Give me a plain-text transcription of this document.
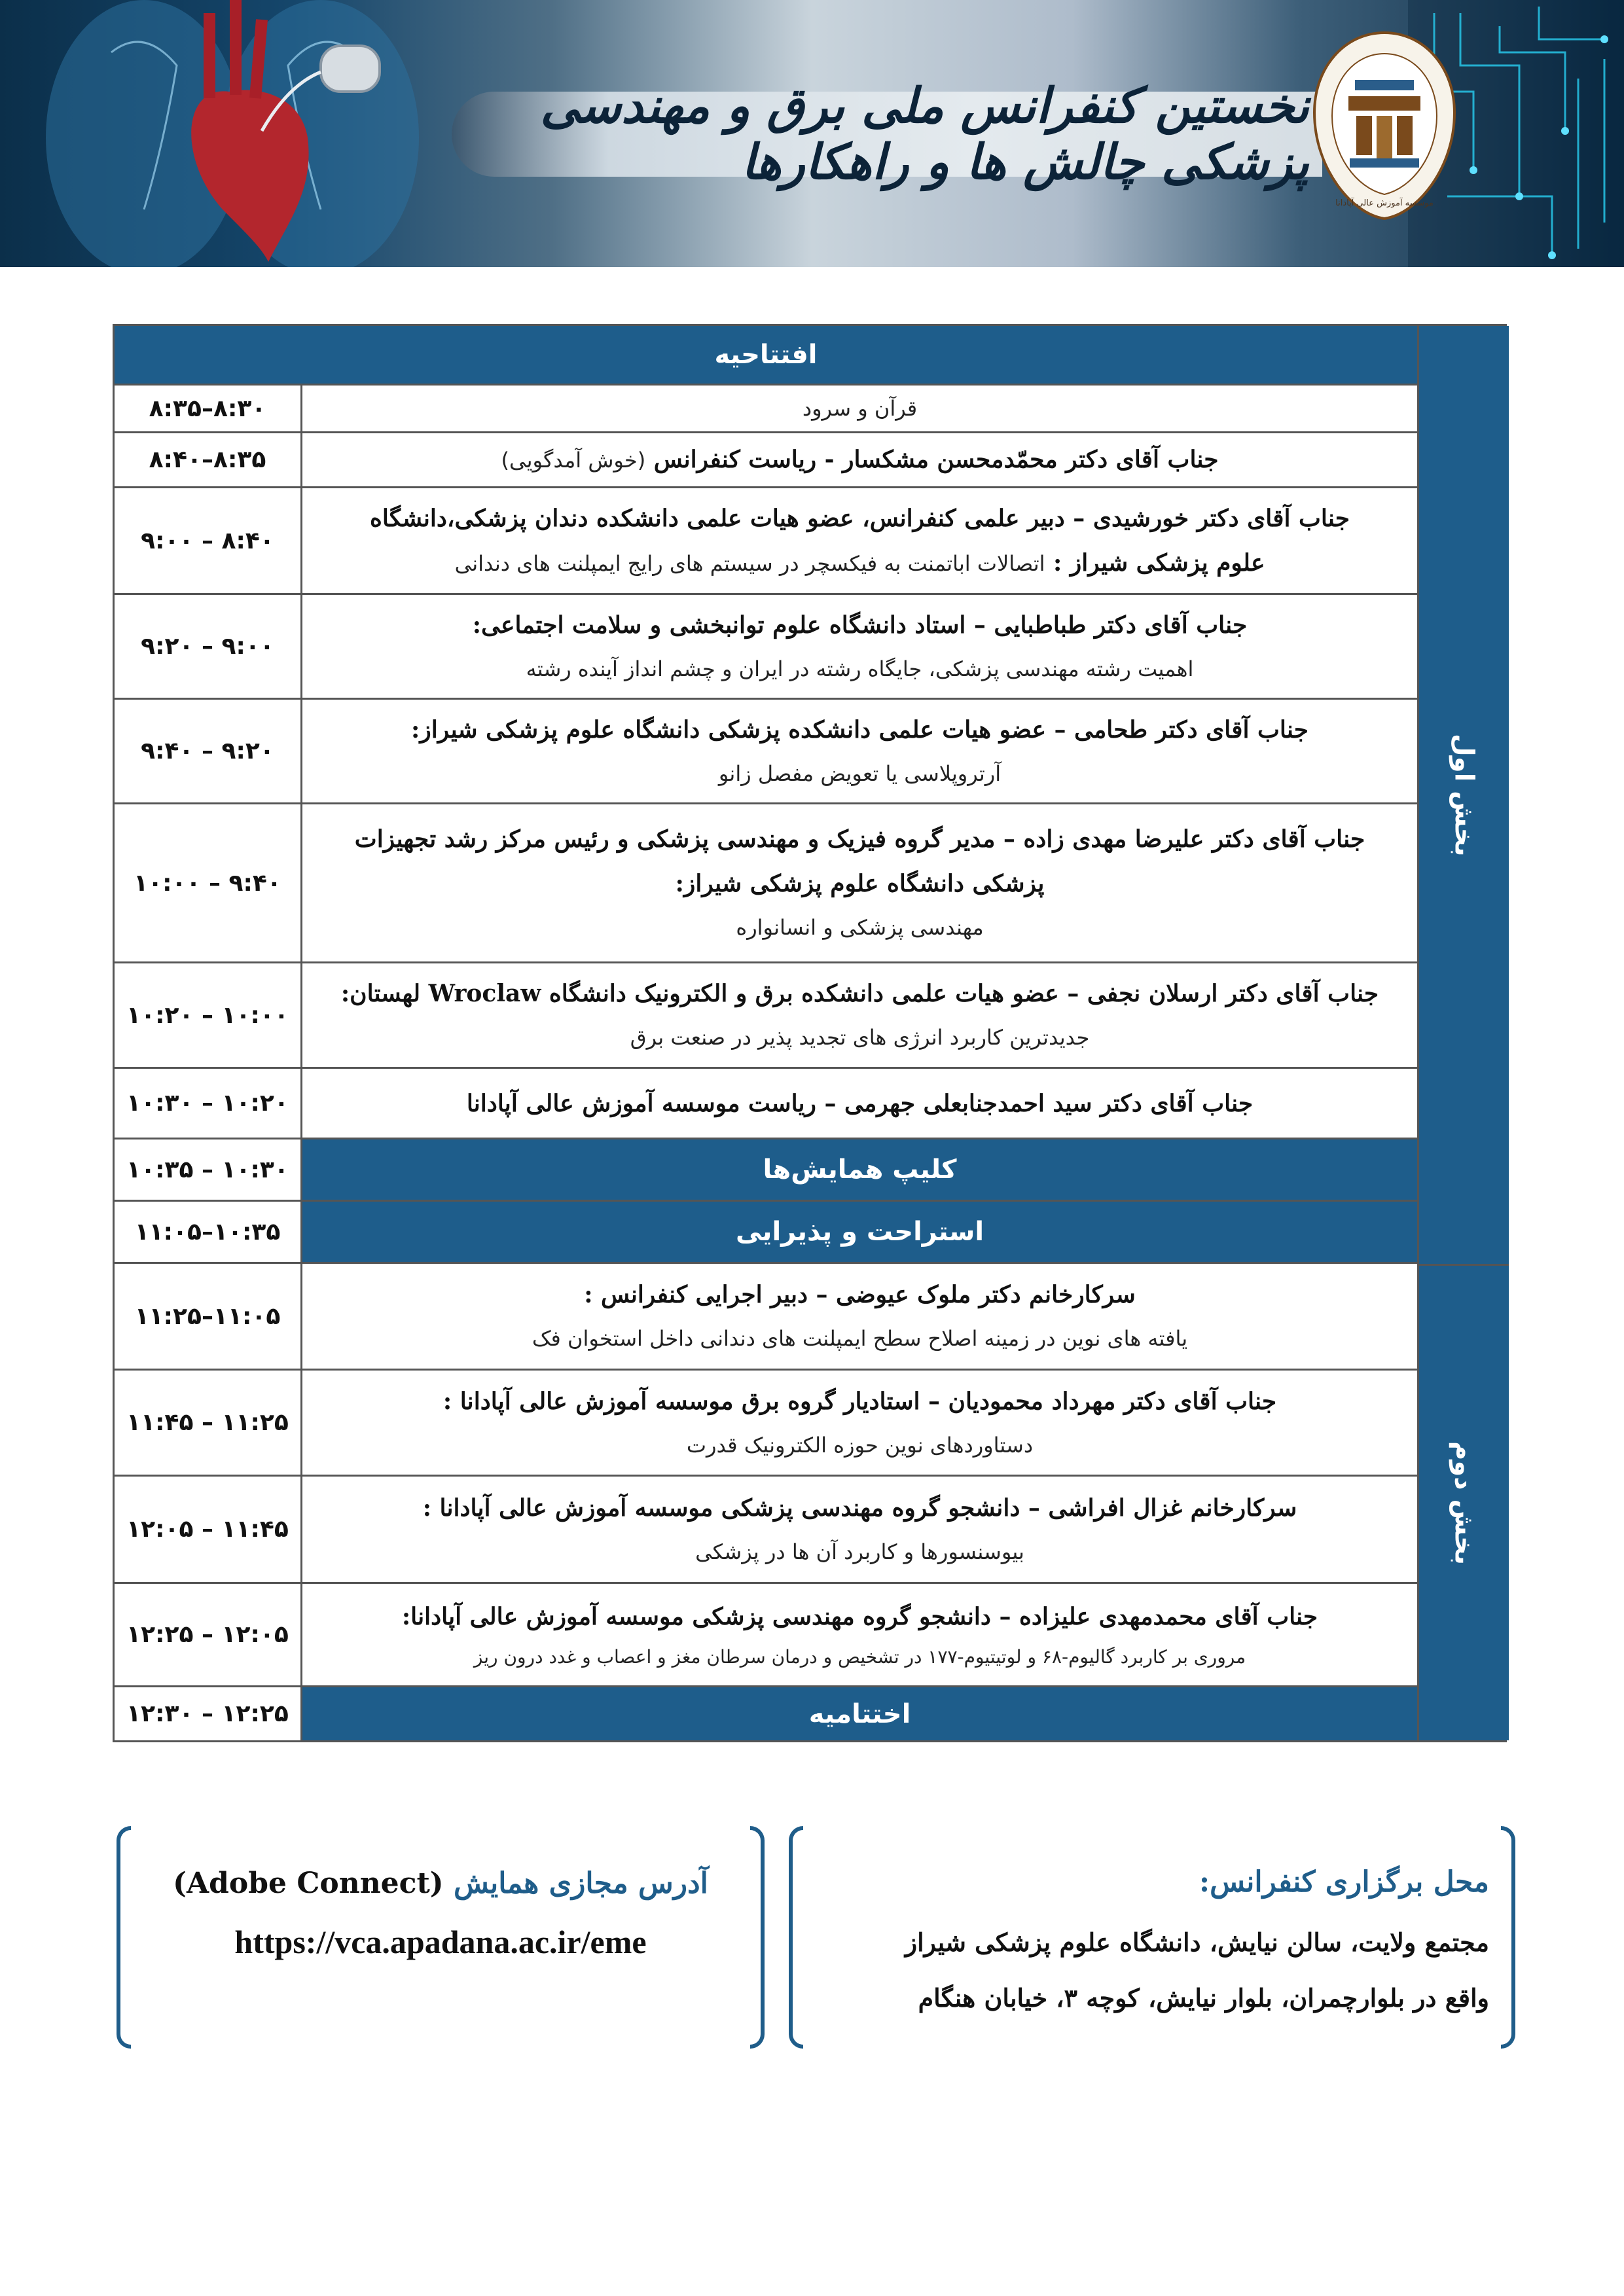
نخستین کنفرانس ملی برق و مهندسی پزشکی چالش ها و راهکارها
موسسه آموزش عالی آپادانا
بخش اول
بخش دوم
افتتاحیه
۸:۳۰–۸:۳۵	قرآن و سرود
۸:۳۵–۸:۴۰	جناب آقای دکتر محمّدمحسن مشکسار - ریاست کنفرانس (خوش آمدگویی)
۸:۴۰ – ۹:۰۰
جناب آقای دکتر خورشیدی – دبیر علمی کنفرانس، عضو هیات علمی دانشکده دندان پزشکی،دانشگاه
علوم پزشکی شیراز : اتصالات اباتمنت به فیکسچر در سیستم های رایج ایمپلنت های دندانی
۹:۰۰ – ۹:۲۰
جناب آقای دکتر طباطبایی – استاد دانشگاه علوم توانبخشی و سلامت اجتماعی:
اهمیت رشته مهندسی پزشکی، جایگاه رشته در ایران و چشم انداز آینده رشته
۹:۲۰ – ۹:۴۰
جناب آقای دکتر طحامی – عضو هیات علمی دانشکده پزشکی دانشگاه علوم پزشکی شیراز:
آرتروپلاسی یا تعویض مفصل زانو
۹:۴۰ – ۱۰:۰۰
جناب آقای دکتر علیرضا مهدی زاده – مدیر گروه فیزیک و مهندسی پزشکی و رئیس مرکز رشد تجهیزات
پزشکی دانشگاه علوم پزشکی شیراز:
مهندسی پزشکی و انسانواره
۱۰:۰۰ – ۱۰:۲۰
جناب آقای دکتر ارسلان نجفی – عضو هیات علمی دانشکده برق و الکترونیک دانشگاه Wroclaw لهستان:
جدیدترین کاربرد انرژی های تجدید پذیر در صنعت برق
۱۰:۲۰ – ۱۰:۳۰	جناب آقای دکتر سید احمدجنابعلی جهرمی – ریاست موسسه آموزش عالی آپادانا
۱۰:۳۰ – ۱۰:۳۵	کلیپ همایش‌ها
۱۰:۳۵–۱۱:۰۵	استراحت و پذیرایی
۱۱:۰۵–۱۱:۲۵
سرکارخانم دکتر ملوک عیوضی – دبیر اجرایی کنفرانس :
یافته های نوین در زمینه اصلاح سطح ایمپلنت های دندانی داخل استخوان فک
۱۱:۲۵ – ۱۱:۴۵
جناب آقای دکتر مهرداد محمودیان – استادیار گروه برق موسسه آموزش عالی آپادانا :
دستاوردهای نوین حوزه الکترونیک قدرت
۱۱:۴۵ – ۱۲:۰۵
سرکارخانم غزال افراشی – دانشجو گروه مهندسی پزشکی موسسه آموزش عالی آپادانا :
بیوسنسورها و کاربرد آن ها در پزشکی
۱۲:۰۵ – ۱۲:۲۵
جناب آقای محمدمهدی علیزاده – دانشجو گروه مهندسی پزشکی موسسه آموزش عالی آپادانا:
مروری بر کاربرد گالیوم-۶۸ و لوتیتیوم-۱۷۷ در تشخیص و درمان سرطان مغز و اعصاب و غدد درون ریز
۱۲:۲۵ – ۱۲:۳۰	اختتامیه
محل برگزاری کنفرانس:
مجتمع ولایت، سالن نیایش، دانشگاه علوم پزشکی شیراز
واقع در بلوارچمران، بلوار نیایش، کوچه ۳، خیابان هنگام
آدرس مجازی همایش (Adobe Connect)
https://vca.apadana.ac.ir/eme
